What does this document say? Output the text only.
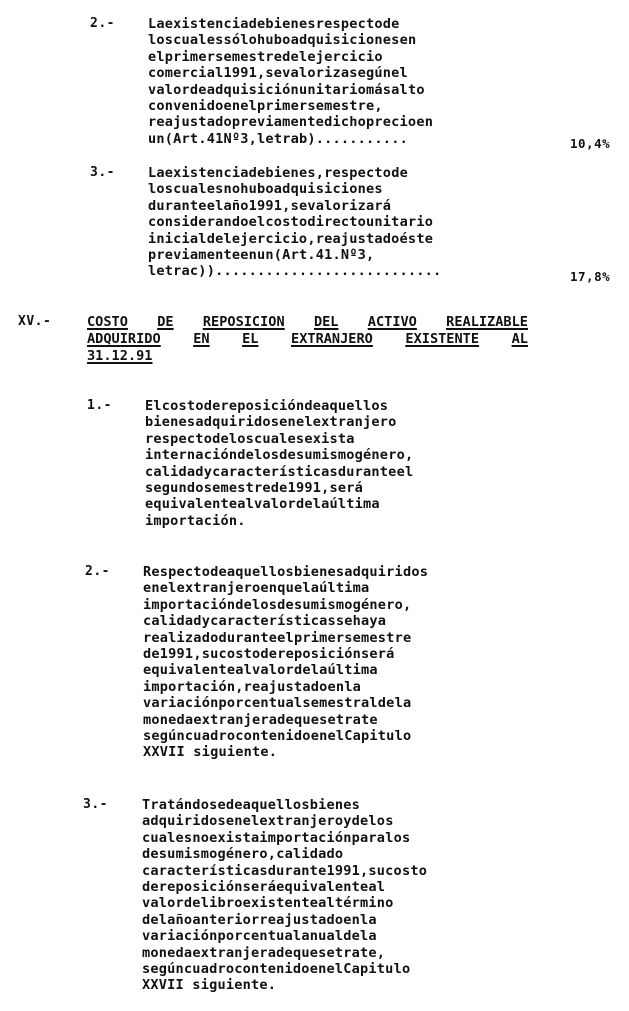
2.- Laexistenciadebienesrespectode
loscualessólohuboadquisicionesen
elprimersemestredelejercicio
comercial1991,sevalorizasegúnel
valordeadquisiciónunitariomásalto
convenidoenelprimersemestre,
reajustadopreviamentedichoprecioen
un(Art.41Nº3,letrab)...........	10,4%
3.- Laexistenciadebienes,respectode
loscualesnohuboadquisiciones
duranteelaño1991,sevalorizará
considerandoelcostodirectounitario
inicialdelejercicio,reajustadoéste
previamenteenun(Art.41.Nº3,
letrac))...........................	17,8%
XV.-	COSTO DE REPOSICION DEL ACTIVO REALIZABLE
ADQUIRIDO EN EL EXTRANJERO EXISTENTE AL
31.12.91
1.- Elcostodereposicióndeaquellos
bienesadquiridosenelextranjero
respectodeloscualesexista
internacióndelosdesumismogénero,
calidadycaracterísticasduranteel
segundosemestrede1991,será
equivalentealvalordelaúltima
importación.
2.- Respectodeaquellosbienesadquiridos
enelextranjeroenquelaúltima
importacióndelosdesumismogénero,
calidadycaracterísticassehaya
realizadoduranteelprimersemestre
de1991,sucostodereposiciónserá
equivalentealvalordelaúltima
importación,reajustadoenla
variaciónporcentualsemestraldela
monedaextranjeradequesetrate
segúncuadrocontenidoenelCapitulo
XXVII siguiente.
3.-	Tratándosedeaquellosbienes
adquiridosenelextranjeroydelos
cualesnoexistaimportaciónparalos
desumismogénero,calidado
característicasdurante1991,sucosto
dereposiciónseráequivalenteal
valordelibroexistentealtérmino
delañoanteriorreajustadoenla
variaciónporcentualanualdela
monedaextranjeradequesetrate,
segúncuadrocontenidoenelCapitulo
XXVII siguiente.
